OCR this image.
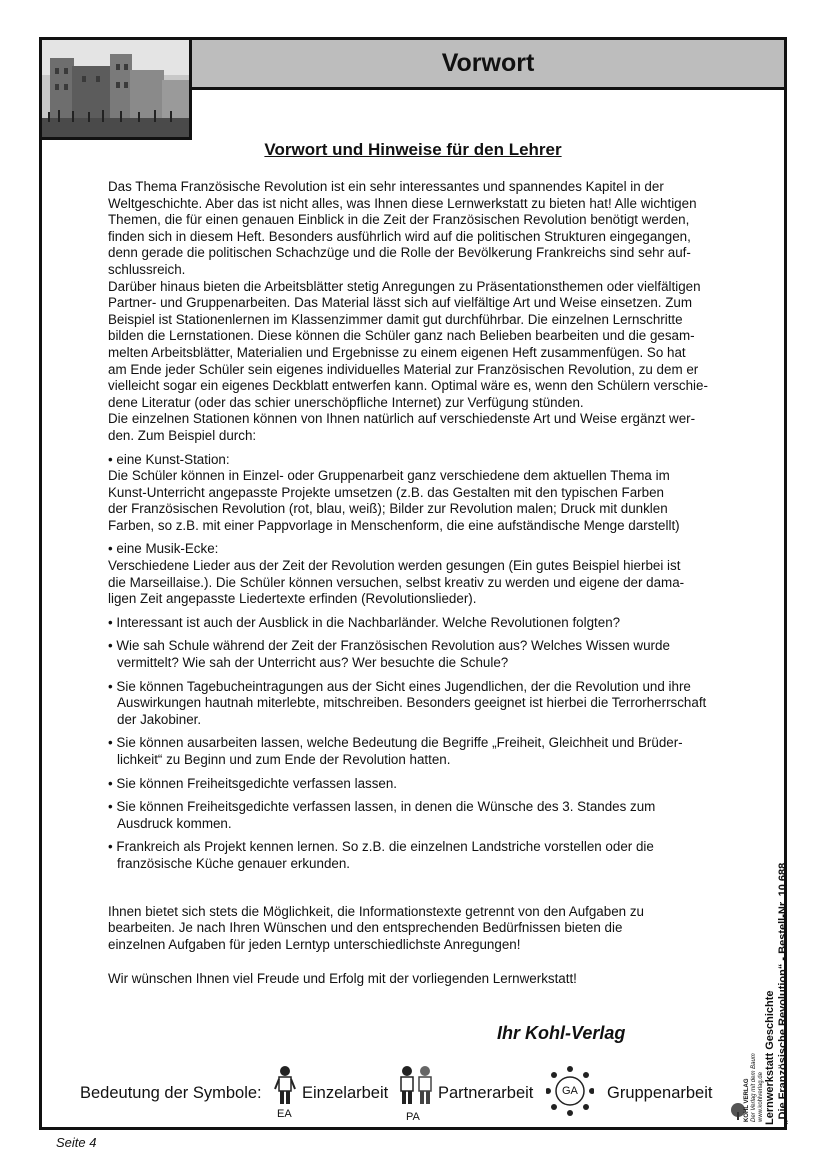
Vorwort
Vorwort und Hinweise für den Lehrer

Das Thema Französische Revolution ist ein sehr interessantes und spannendes Kapitel in der

Weltgeschichte. Aber das ist nicht alles, was Ihnen diese Lernwerkstatt zu bieten hat! Alle wichtigen

Themen, die für einen genauen Einblick in die Zeit der Französischen Revolution benötigt werden,

finden sich in diesem Heft. Besonders ausführlich wird auf die politischen Strukturen eingegangen,

denn gerade die politischen Schachzüge und die Rolle der Bevölkerung Frankreichs sind sehr auf-

schlussreich.

Darüber hinaus bieten die Arbeitsblätter stetig Anregungen zu Präsentationsthemen oder vielfältigen

Partner- und Gruppenarbeiten. Das Material lässt sich auf vielfältige Art und Weise einsetzen. Zum

Beispiel ist Stationenlernen im Klassenzimmer damit gut durchführbar. Die einzelnen Lernschritte

bilden die Lernstationen. Diese können die Schüler ganz nach Belieben bearbeiten und die gesam-

melten Arbeitsblätter, Materialien und Ergebnisse zu einem eigenen Heft zusammenfügen. So hat

am Ende jeder Schüler sein eigenes individuelles Material zur Französischen Revolution, zu dem er

vielleicht sogar ein eigenes Deckblatt entwerfen kann. Optimal wäre es, wenn den Schülern verschie-

dene Literatur (oder das schier unerschöpfliche Internet) zur Verfügung stünden.

Die einzelnen Stationen können von Ihnen natürlich auf verschiedenste Art und Weise ergänzt wer-

den. Zum Beispiel durch:

• eine Kunst-Station:

Die Schüler können in Einzel- oder Gruppenarbeit ganz verschiedene dem aktuellen Thema im

Kunst-Unterricht angepasste Projekte umsetzen (z.B. das Gestalten mit den typischen Farben

der Französischen Revolution (rot, blau, weiß); Bilder zur Revolution malen; Druck mit dunklen

Farben, so z.B. mit einer Pappvorlage in Menschenform, die eine aufständische Menge darstellt)

• eine Musik-Ecke:

Verschiedene Lieder aus der Zeit der Revolution werden gesungen (Ein gutes Beispiel hierbei ist

die Marseillaise.). Die Schüler können versuchen, selbst kreativ zu werden und eigene der dama-

ligen Zeit angepasste Liedertexte erfinden (Revolutionslieder).

• Interessant ist auch der Ausblick in die Nachbarländer. Welche Revolutionen folgten?

• Wie sah Schule während der Zeit der Französischen Revolution aus? Welches Wissen wurde

vermittelt? Wie sah der Unterricht aus? Wer besuchte die Schule?

• Sie können Tagebucheintragungen aus der Sicht eines Jugendlichen, der die Revolution und ihre

Auswirkungen hautnah miterlebte, mitschreiben. Besonders geeignet ist hierbei die Terrorherrschaft

der Jakobiner.

• Sie können ausarbeiten lassen, welche Bedeutung die Begriffe „Freiheit, Gleichheit und Brüder-

lichkeit“ zu Beginn und zum Ende der Revolution hatten.

• Sie können Freiheitsgedichte verfassen lassen.

• Sie können Freiheitsgedichte verfassen lassen, in denen die Wünsche des 3. Standes zum

Ausdruck kommen.

• Frankreich als Projekt kennen lernen. So z.B. die einzelnen Landstriche vorstellen oder die

französische Küche genauer erkunden.

Ihnen bietet sich stets die Möglichkeit, die Informationstexte getrennt von den Aufgaben zu

bearbeiten. Je nach Ihren Wünschen und den entsprechenden Bedürfnissen bieten die

einzelnen Aufgaben für jeden Lerntyp unterschiedlichste Anregungen!

Wir wünschen Ihnen viel Freude und Erfolg mit der vorliegenden Lernwerkstatt!

Ihr Kohl-Verlag
Bedeutung der Symbole:
EA
Einzelarbeit
PA
Partnerarbeit	GA Gruppenarbeit	Lernwerkstatt Geschichte „Die Französische Revolution“ - Bestell-Nr. 10 688
KOHL VERLAG Der Verlag mit dem Baum www.kohlverlag.de
Seite 4
